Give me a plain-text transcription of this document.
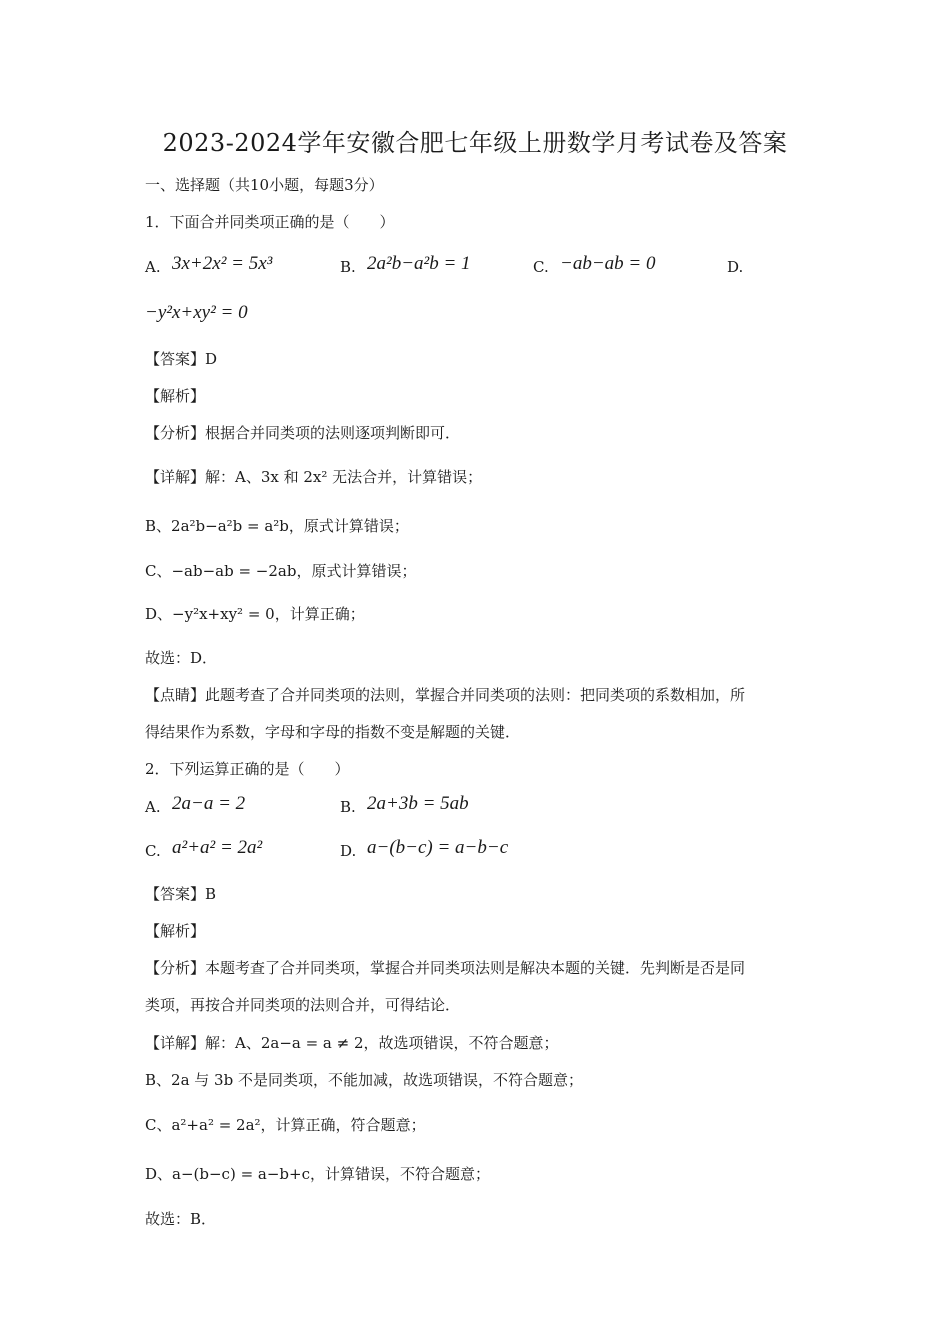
2023-2024学年安徽合肥七年级上册数学月考试卷及答案
一、选择题（共10小题，每题3分）
1．下面合并同类项正确的是（　　）
A. 3x+2x² = 5x³	B. 2a²b−a²b = 1	C. −ab−ab = 0	D.
−y²x+xy² = 0
【答案】D
【解析】
【分析】根据合并同类项的法则逐项判断即可．
【详解】解：A、3x 和 2x² 无法合并，计算错误；
B、2a²b−a²b = a²b，原式计算错误；
C、−ab−ab = −2ab，原式计算错误；
D、−y²x+xy² = 0，计算正确；
故选：D．
【点睛】此题考查了合并同类项的法则，掌握合并同类项的法则：把同类项的系数相加，所
得结果作为系数，字母和字母的指数不变是解题的关键．
2．下列运算正确的是（　　）
A. 2a−a = 2	B. 2a+3b = 5ab
C. a²+a² = 2a²	D. a−(b−c) = a−b−c
【答案】B
【解析】
【分析】本题考查了合并同类项，掌握合并同类项法则是解决本题的关键．先判断是否是同
类项，再按合并同类项的法则合并，可得结论．
【详解】解：A、2a−a = a ≠ 2，故选项错误，不符合题意；
B、2a 与 3b 不是同类项，不能加减，故选项错误，不符合题意；
C、a²+a² = 2a²，计算正确，符合题意；
D、a−(b−c) = a−b+c，计算错误，不符合题意；
故选：B．
